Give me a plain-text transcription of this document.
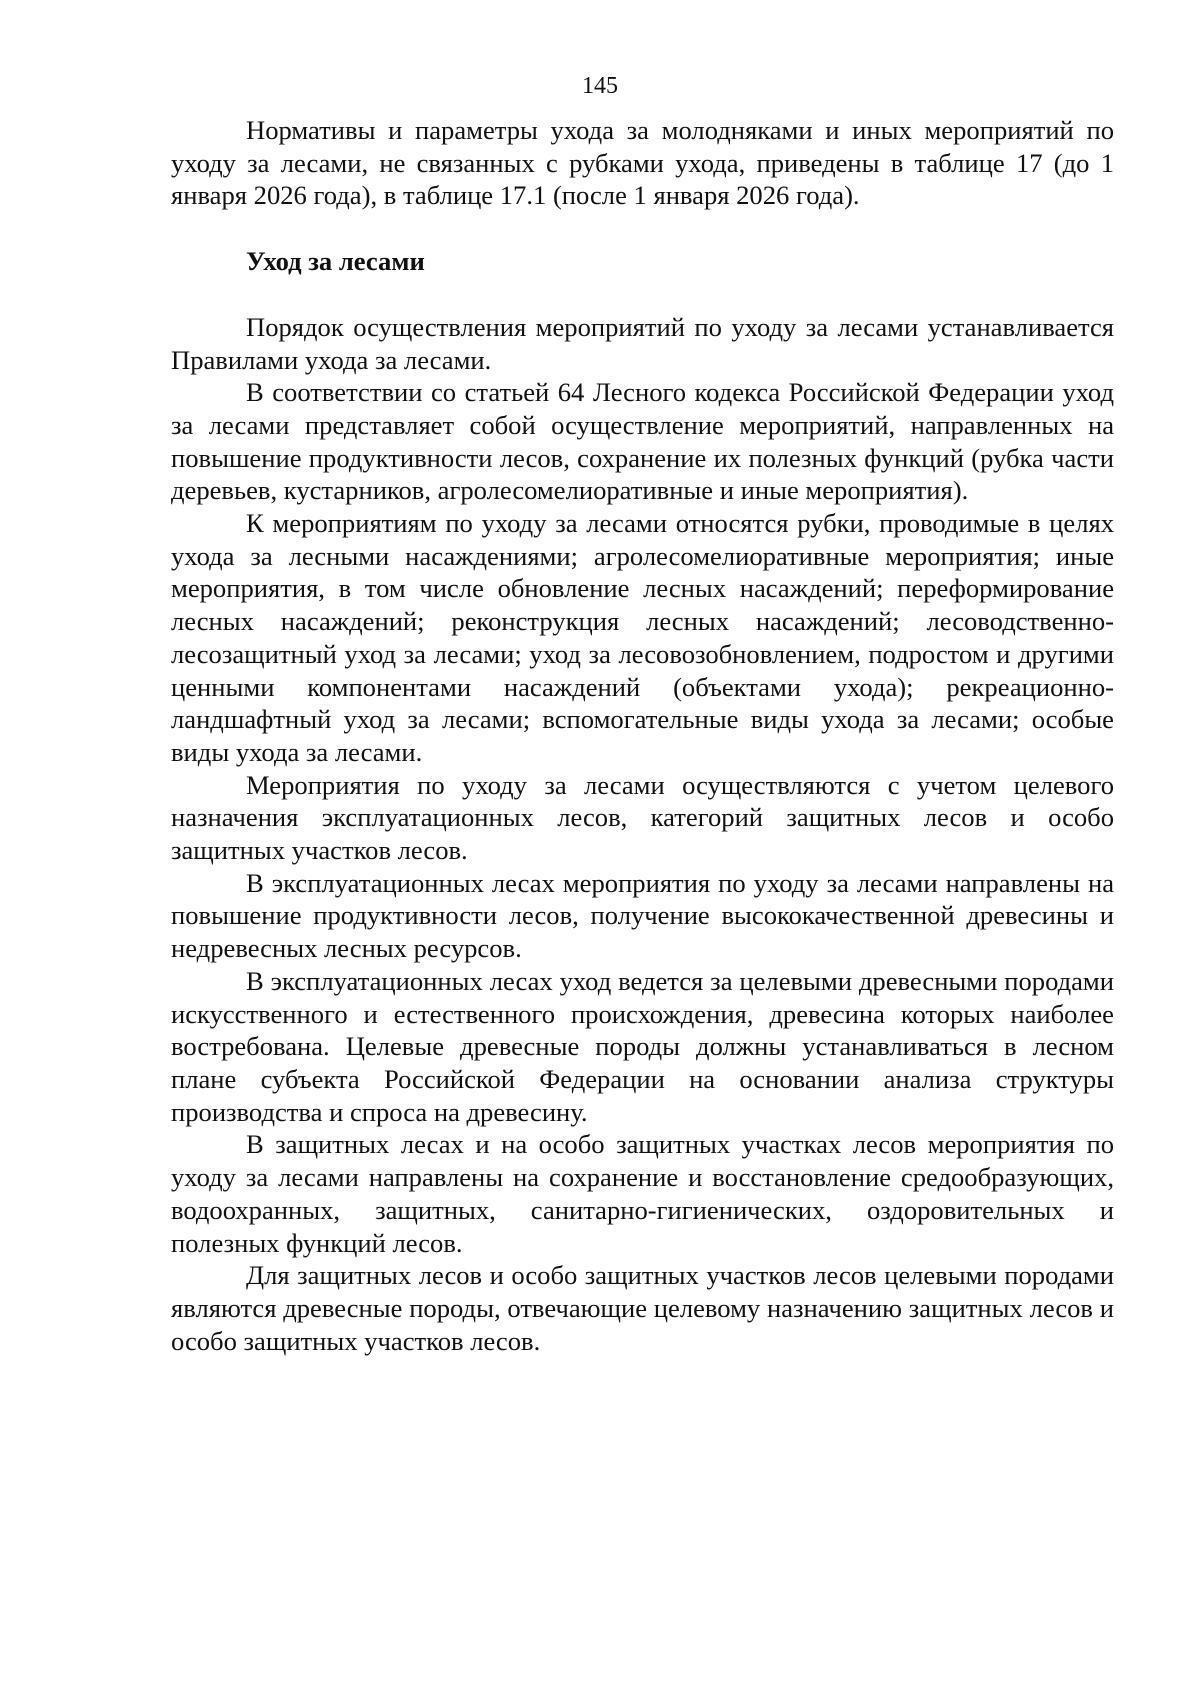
145

Нормативы и параметры ухода за молодняками и иных мероприятий по уходу за лесами, не связанных с рубками ухода, приведены в таблице 17 (до 1 января 2026 года), в таблице 17.1 (после 1 января 2026 года).

Уход за лесами

Порядок осуществления мероприятий по уходу за лесами устанавливается Правилами ухода за лесами.

В соответствии со статьей 64 Лесного кодекса Российской Федерации уход за лесами представляет собой осуществление мероприятий, направленных на повышение продуктивности лесов, сохранение их полезных функций (рубка части деревьев, кустарников, агролесомелиоративные и иные мероприятия).

К мероприятиям по уходу за лесами относятся рубки, проводимые в целях ухода за лесными насаждениями; агролесомелиоративные мероприятия; иные мероприятия, в том числе обновление лесных насаждений; переформирование лесных насаждений; реконструкция лесных насаждений; лесоводственно-лесозащитный уход за лесами; уход за лесовозобновлением, подростом и другими ценными компонентами насаждений (объектами ухода); рекреационно-ландшафтный уход за лесами; вспомогательные виды ухода за лесами; особые виды ухода за лесами.

Мероприятия по уходу за лесами осуществляются с учетом целевого назначения эксплуатационных лесов, категорий защитных лесов и особо защитных участков лесов.

В эксплуатационных лесах мероприятия по уходу за лесами направлены на повышение продуктивности лесов, получение высококачественной древесины и недревесных лесных ресурсов.

В эксплуатационных лесах уход ведется за целевыми древесными породами искусственного и естественного происхождения, древесина которых наиболее востребована. Целевые древесные породы должны устанавливаться в лесном плане субъекта Российской Федерации на основании анализа структуры производства и спроса на древесину.

В защитных лесах и на особо защитных участках лесов мероприятия по уходу за лесами направлены на сохранение и восстановление средообразующих, водоохранных, защитных, санитарно-гигиенических, оздоровительных и полезных функций лесов.

Для защитных лесов и особо защитных участков лесов целевыми породами являются древесные породы, отвечающие целевому назначению защитных лесов и особо защитных участков лесов.
